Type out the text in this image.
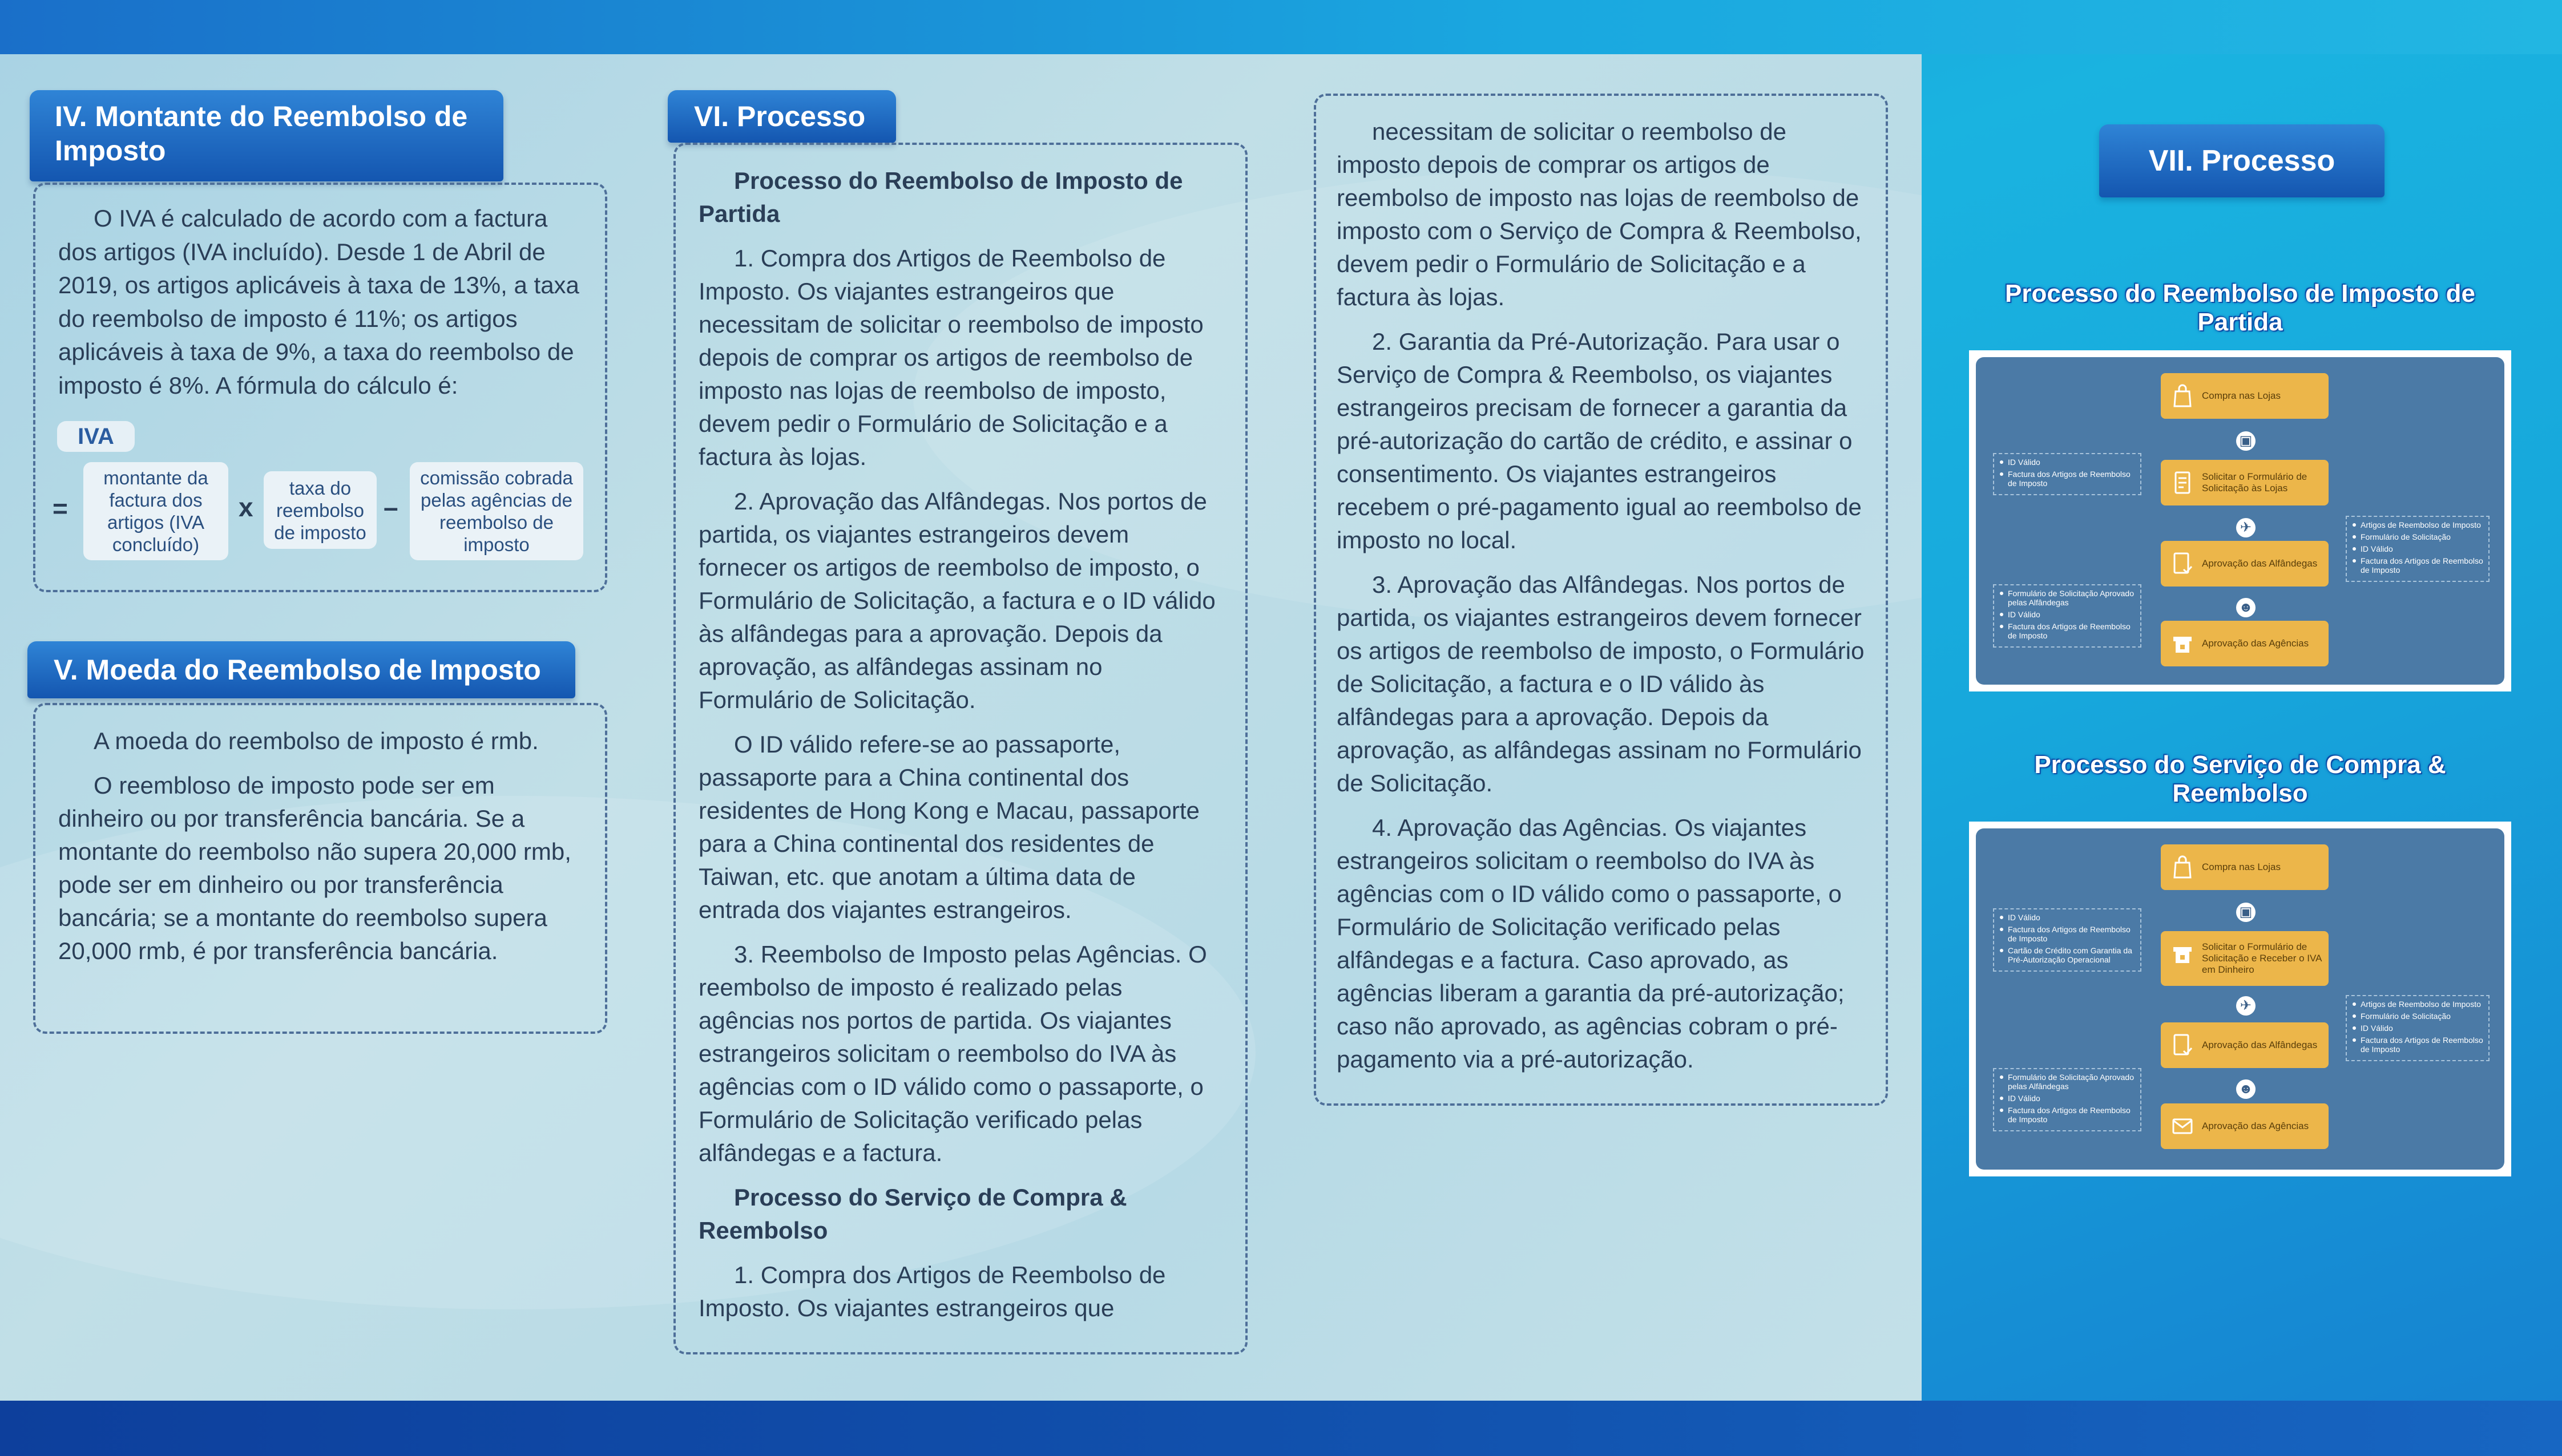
IV. Montante do Reembolso de Imposto

O IVA é calculado de acordo com a factura dos artigos (IVA incluído). Desde 1 de Abril de 2019, os artigos aplicáveis à taxa de 13%, a taxa do reembolso de imposto é 11%; os artigos aplicáveis à taxa de 9%, a taxa do reembolso de imposto é 8%. A fórmula do cálculo é:

IVA
=
montante da factura dos artigos (IVA concluído)
x
taxa do reembolso de imposto
–
comissão cobrada pelas agências de reembolso de imposto
V. Moeda do Reembolso de Imposto

A moeda do reembolso de imposto é rmb.

O reembloso de imposto pode ser em dinheiro ou por transferência bancária. Se a montante do reembolso não supera 20,000 rmb, pode ser em dinheiro ou por transferência bancária; se a montante do reembolso supera 20,000 rmb, é por transferência bancária.

VI. Processo

Processo do Reembolso de Imposto de Partida

1. Compra dos Artigos de Reembolso de Imposto. Os viajantes estrangeiros que necessitam de solicitar o reembolso de imposto depois de comprar os artigos de reembolso de imposto nas lojas de reembolso de imposto, devem pedir o Formulário de Solicitação e a factura às lojas.

2. Aprovação das Alfândegas. Nos portos de partida, os viajantes estrangeiros devem fornecer os artigos de reembolso de imposto, o Formulário de Solicitação, a factura e o ID válido às alfândegas para a aprovação. Depois da aprovação, as alfândegas assinam no Formulário de Solicitação.

O ID válido refere-se ao passaporte, passaporte para a China continental dos residentes de Hong Kong e Macau, passaporte para a China continental dos residentes de Taiwan, etc. que anotam a última data de entrada dos viajantes estrangeiros.

3. Reembolso de Imposto pelas Agências. O reembolso de imposto é realizado pelas agências nos portos de partida. Os viajantes estrangeiros solicitam o reembolso do IVA às agências com o ID válido como o passaporte, o Formulário de Solicitação verificado pelas alfândegas e a factura.

Processo do Serviço de Compra & Reembolso

1. Compra dos Artigos de Reembolso de Imposto. Os viajantes estrangeiros que

necessitam de solicitar o reembolso de imposto depois de comprar os artigos de reembolso de imposto nas lojas de reembolso de imposto com o Serviço de Compra & Reembolso, devem pedir o Formulário de Solicitação e a factura às lojas.

2. Garantia da Pré-Autorização. Para usar o Serviço de Compra & Reembolso, os viajantes estrangeiros precisam de fornecer a garantia da pré-autorização do cartão de crédito, e assinar o consentimento. Os viajantes estrangeiros recebem o pré-pagamento igual ao reembolso de imposto no local.

3. Aprovação das Alfândegas. Nos portos de partida, os viajantes estrangeiros devem fornecer os artigos de reembolso de imposto, o Formulário de Solicitação, a factura e o ID válido às alfândegas para a aprovação. Depois da aprovação, as alfândegas assinam no Formulário de Solicitação.

4. Aprovação das Agências. Os viajantes estrangeiros solicitam o reembolso do IVA às agências com o ID válido como o passaporte, o Formulário de Solicitação verificado pelas alfândegas e a factura. Caso aprovado, as agências liberam a garantia da pré-autorização; caso não aprovado, as agências cobram o pré-pagamento via a pré-autorização.

VII. Processo
Processo do Reembolso de Imposto de Partida
Compra nas Lojas
▣
Solicitar o Formulário de Solicitação às Lojas
✈
Aprovação das Alfândegas
☻
Aprovação das Agências
ID Válido
Factura dos Artigos de Reembolso de Imposto
Artigos de Reembolso de Imposto
Formulário de Solicitação
ID Válido
Factura dos Artigos de Reembolso de Imposto
Formulário de Solicitação Aprovado pelas Alfândegas
ID Válido
Factura dos Artigos de Reembolso de Imposto
Processo do Serviço de Compra & Reembolso
Compra nas Lojas
▣
Solicitar o Formulário de Solicitação e Receber o IVA em Dinheiro
✈
Aprovação das Alfândegas
☻
Aprovação das Agências
ID Válido
Factura dos Artigos de Reembolso de Imposto
Cartão de Crédito com Garantia da Pré-Autorização Operacional
Artigos de Reembolso de Imposto
Formulário de Solicitação
ID Válido
Factura dos Artigos de Reembolso de Imposto
Formulário de Solicitação Aprovado pelas Alfândegas
ID Válido
Factura dos Artigos de Reembolso de Imposto
